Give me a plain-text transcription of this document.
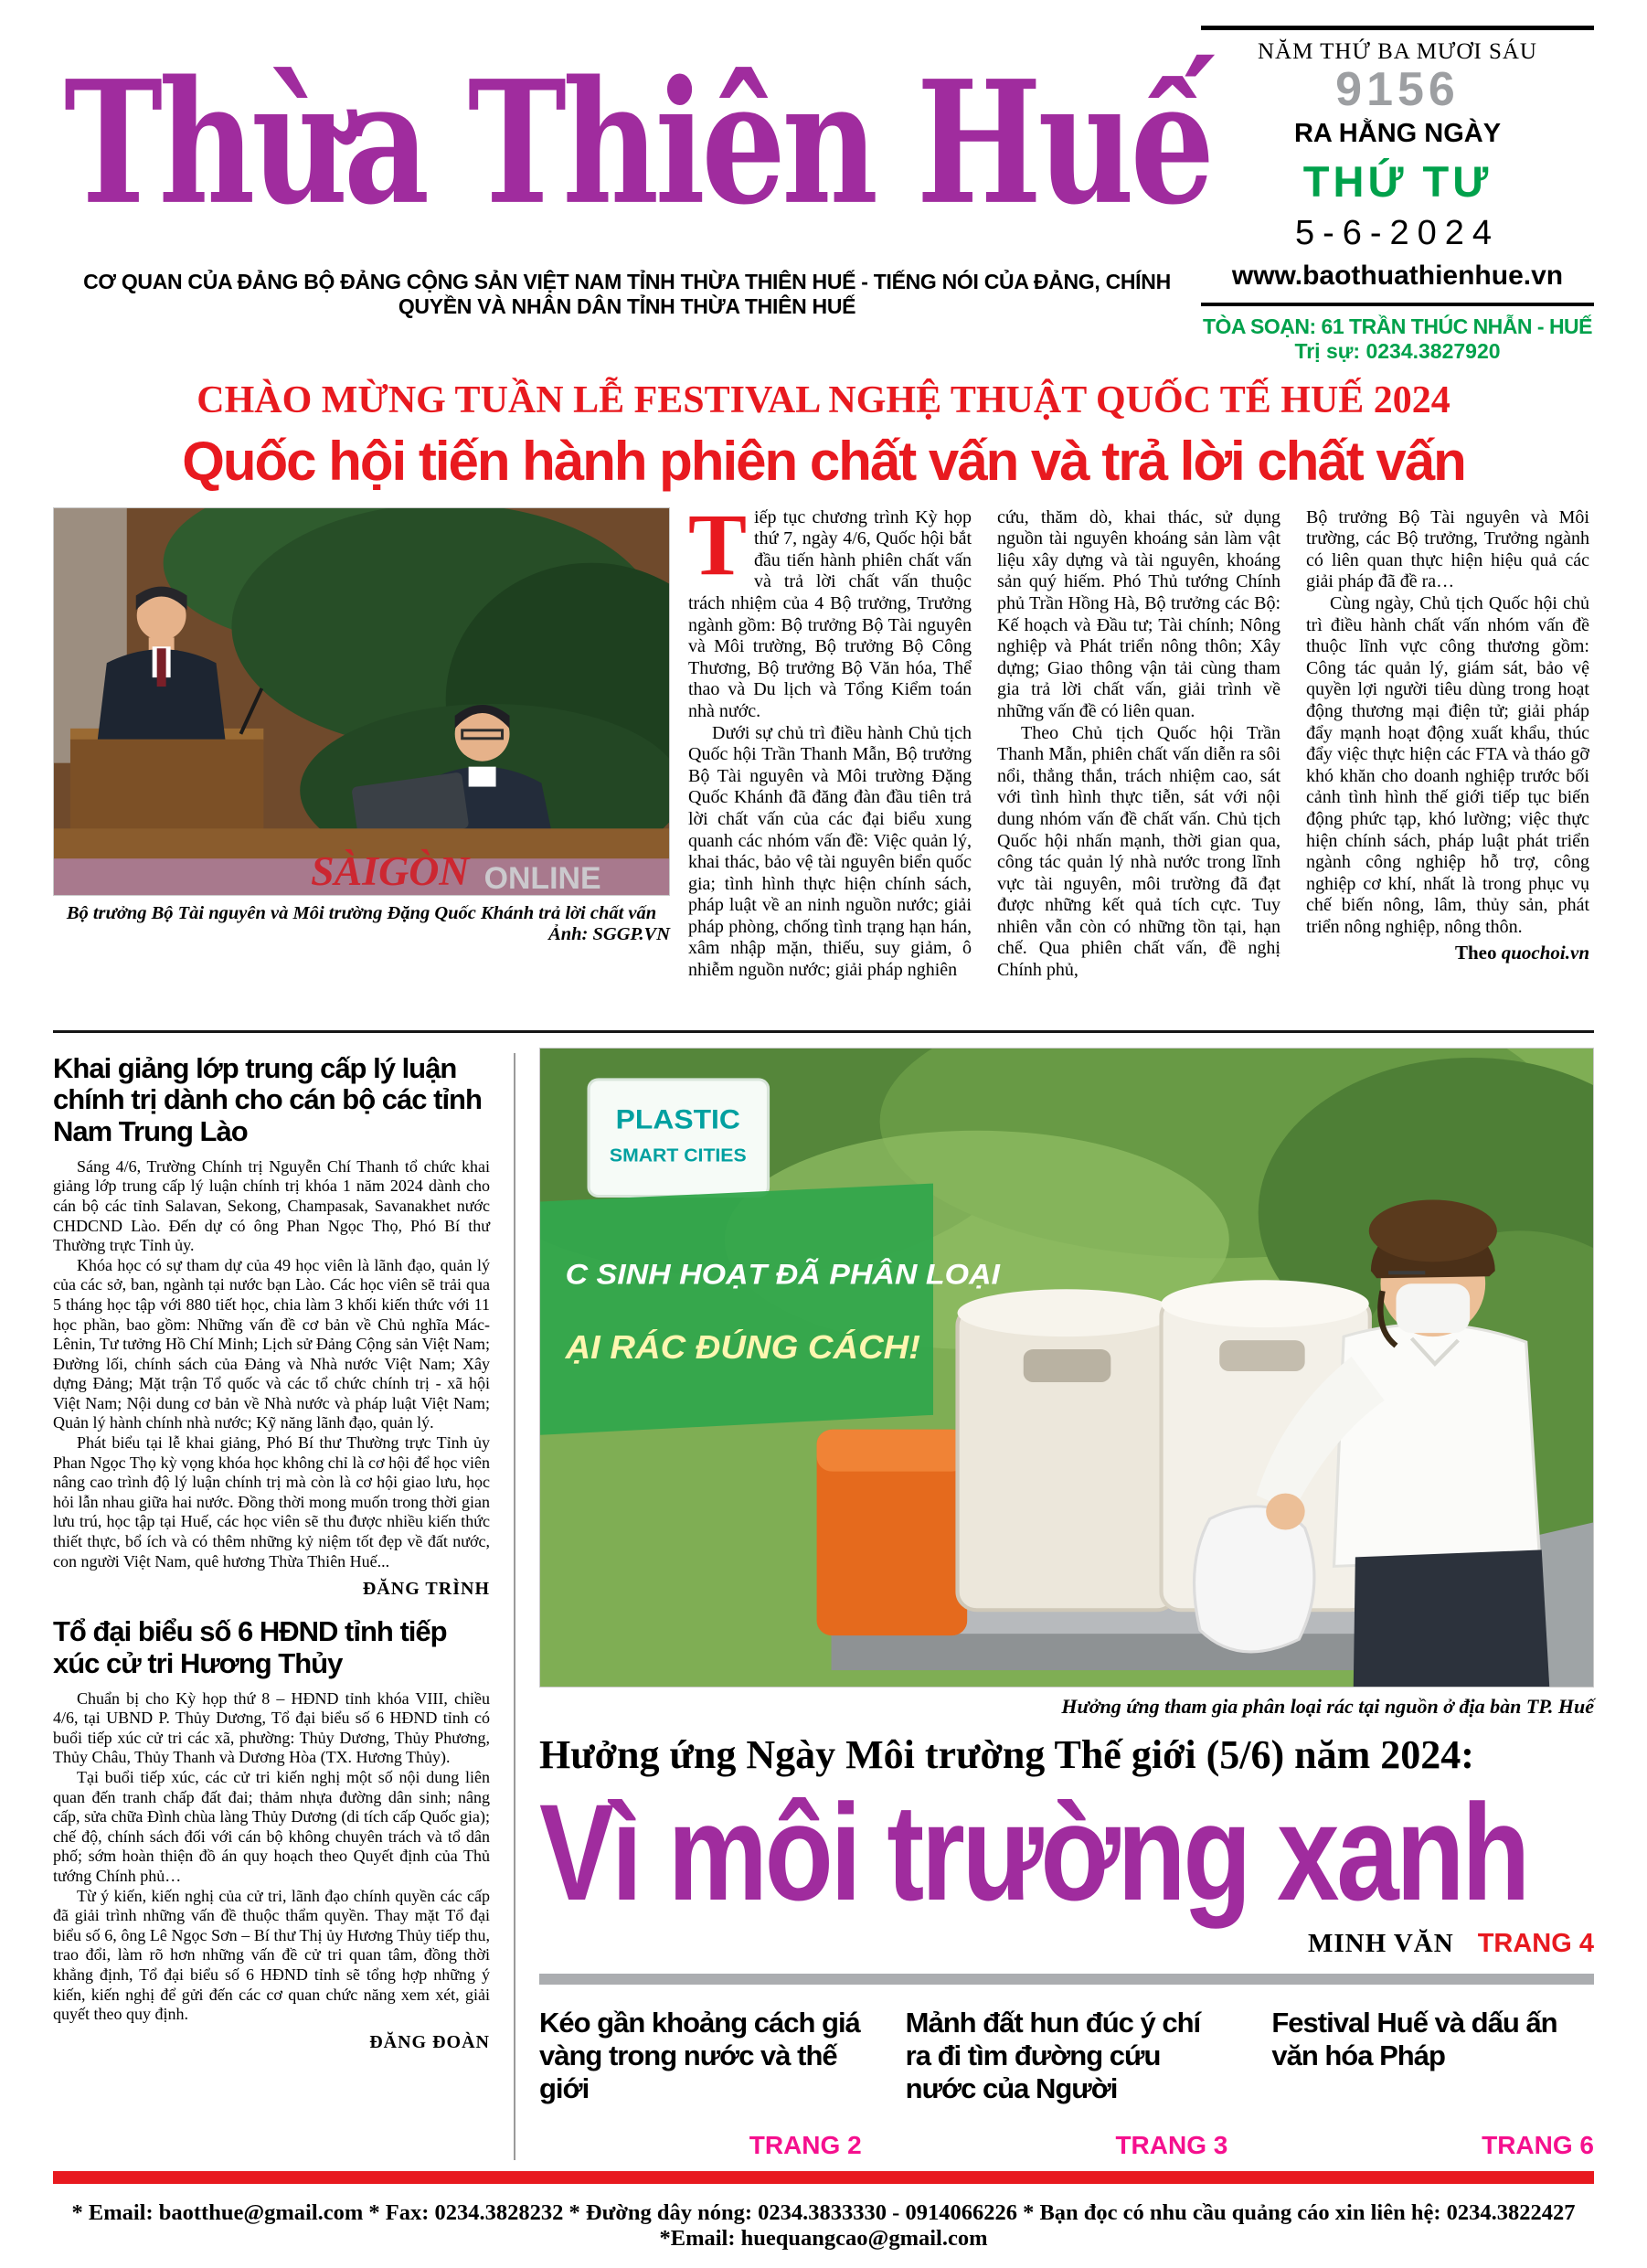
Thừa Thiên Huế
CƠ QUAN CỦA ĐẢNG BỘ ĐẢNG CỘNG SẢN VIỆT NAM TỈNH THỪA THIÊN HUẾ - TIẾNG NÓI CỦA ĐẢNG, CHÍNH QUYỀN VÀ NHÂN DÂN TỈNH THỪA THIÊN HUẾ
NĂM THỨ BA MƯƠI SÁU
9156
RA HẰNG NGÀY
THỨ TƯ
5-6-2024
www.baothuathienhue.vn
TÒA SOẠN: 61 TRẦN THÚC NHẪN - HUẾ
Trị sự: 0234.3827920
CHÀO MỪNG TUẦN LỄ FESTIVAL NGHỆ THUẬT QUỐC TẾ HUẾ 2024
Quốc hội tiến hành phiên chất vấn và trả lời chất vấn
SÀIGÒN ONLINE
Bộ trưởng Bộ Tài nguyên và Môi trường Đặng Quốc Khánh trả lời chất vấn
Ảnh: SGGP.VN

Tiếp tục chương trình Kỳ họp thứ 7, ngày 4/6, Quốc hội bắt đầu tiến hành phiên chất vấn và trả lời chất vấn thuộc trách nhiệm của 4 Bộ trưởng, Trưởng ngành gồm: Bộ trưởng Bộ Tài nguyên và Môi trường, Bộ trưởng Bộ Công Thương, Bộ trưởng Bộ Văn hóa, Thể thao và Du lịch và Tổng Kiểm toán nhà nước.

Dưới sự chủ trì điều hành Chủ tịch Quốc hội Trần Thanh Mẫn, Bộ trưởng Bộ Tài nguyên và Môi trường Đặng Quốc Khánh đã đăng đàn đầu tiên trả lời chất vấn của các đại biểu xung quanh các nhóm vấn đề: Việc quản lý, khai thác, bảo vệ tài nguyên biển quốc gia; tình hình thực hiện chính sách, pháp luật về an ninh nguồn nước; giải pháp phòng, chống tình trạng hạn hán, xâm nhập mặn, thiếu, suy giảm, ô nhiễm nguồn nước; giải pháp nghiên

cứu, thăm dò, khai thác, sử dụng nguồn tài nguyên khoáng sản làm vật liệu xây dựng và tài nguyên, khoáng sản quý hiếm. Phó Thủ tướng Chính phủ Trần Hồng Hà, Bộ trưởng các Bộ: Kế hoạch và Đầu tư; Tài chính; Nông nghiệp và Phát triển nông thôn; Xây dựng; Giao thông vận tải cùng tham gia trả lời chất vấn, giải trình về những vấn đề có liên quan.

Theo Chủ tịch Quốc hội Trần Thanh Mẫn, phiên chất vấn diễn ra sôi nổi, thẳng thắn, trách nhiệm cao, sát với tình hình thực tiễn, sát với nội dung nhóm vấn đề chất vấn. Chủ tịch Quốc hội nhấn mạnh, thời gian qua, công tác quản lý nhà nước trong lĩnh vực tài nguyên, môi trường đã đạt được những kết quả tích cực. Tuy nhiên vẫn còn có những tồn tại, hạn chế. Qua phiên chất vấn, đề nghị Chính phủ,

Bộ trưởng Bộ Tài nguyên và Môi trường, các Bộ trưởng, Trưởng ngành có liên quan thực hiện hiệu quả các giải pháp đã đề ra…

Cùng ngày, Chủ tịch Quốc hội chủ trì điều hành chất vấn nhóm vấn đề thuộc lĩnh vực công thương gồm: Công tác quản lý, giám sát, bảo vệ quyền lợi người tiêu dùng trong hoạt động thương mại điện tử; giải pháp đẩy mạnh hoạt động xuất khẩu, thúc đẩy việc thực hiện các FTA và tháo gỡ khó khăn cho doanh nghiệp trước bối cảnh tình hình thế giới tiếp tục biến động phức tạp, khó lường; việc thực hiện chính sách, pháp luật phát triển ngành công nghiệp hỗ trợ, công nghiệp cơ khí, nhất là trong phục vụ chế biến nông, lâm, thủy sản, phát triển nông nghiệp, nông thôn.

Theo quochoi.vn
Khai giảng lớp trung cấp lý luận chính trị dành cho cán bộ các tỉnh Nam Trung Lào

Sáng 4/6, Trường Chính trị Nguyễn Chí Thanh tổ chức khai giảng lớp trung cấp lý luận chính trị khóa 1 năm 2024 dành cho cán bộ các tỉnh Salavan, Sekong, Champasak, Savanakhet nước CHDCND Lào. Đến dự có ông Phan Ngọc Thọ, Phó Bí thư Thường trực Tỉnh ủy.

Khóa học có sự tham dự của 49 học viên là lãnh đạo, quản lý của các sở, ban, ngành tại nước bạn Lào. Các học viên sẽ trải qua 5 tháng học tập với 880 tiết học, chia làm 3 khối kiến thức với 11 học phần, bao gồm: Những vấn đề cơ bản về Chủ nghĩa Mác-Lênin, Tư tưởng Hồ Chí Minh; Lịch sử Đảng Cộng sản Việt Nam; Đường lối, chính sách của Đảng và Nhà nước Việt Nam; Xây dựng Đảng; Mặt trận Tổ quốc và các tổ chức chính trị - xã hội Việt Nam; Nội dung cơ bản về Nhà nước và pháp luật Việt Nam; Quản lý hành chính nhà nước; Kỹ năng lãnh đạo, quản lý.

Phát biểu tại lễ khai giảng, Phó Bí thư Thường trực Tỉnh ủy Phan Ngọc Thọ kỳ vọng khóa học không chỉ là cơ hội để học viên nâng cao trình độ lý luận chính trị mà còn là cơ hội giao lưu, học hỏi lẫn nhau giữa hai nước. Đồng thời mong muốn trong thời gian lưu trú, học tập tại Huế, các học viên sẽ thu được nhiều kiến thức thiết thực, bổ ích và có thêm những kỷ niệm tốt đẹp về đất nước, con người Việt Nam, quê hương Thừa Thiên Huế...

ĐĂNG TRÌNH
Tổ đại biểu số 6 HĐND tỉnh tiếp xúc cử tri Hương Thủy

Chuẩn bị cho Kỳ họp thứ 8 – HĐND tỉnh khóa VIII, chiều 4/6, tại UBND P. Thủy Dương, Tổ đại biểu số 6 HĐND tỉnh có buổi tiếp xúc cử tri các xã, phường: Thủy Dương, Thủy Phương, Thủy Châu, Thủy Thanh và Dương Hòa (TX. Hương Thủy).

Tại buổi tiếp xúc, các cử tri kiến nghị một số nội dung liên quan đến tranh chấp đất đai; thảm nhựa đường dân sinh; nâng cấp, sửa chữa Đình chùa làng Thủy Dương (di tích cấp Quốc gia); chế độ, chính sách đối với cán bộ không chuyên trách và tổ dân phố; sớm hoàn thiện đồ án quy hoạch theo Quyết định của Thủ tướng Chính phủ…

Từ ý kiến, kiến nghị của cử tri, lãnh đạo chính quyền các cấp đã giải trình những vấn đề thuộc thẩm quyền. Thay mặt Tổ đại biểu số 6, ông Lê Ngọc Sơn – Bí thư Thị ủy Hương Thủy tiếp thu, trao đổi, làm rõ hơn những vấn đề cử tri quan tâm, đồng thời khẳng định, Tổ đại biểu số 6 HĐND tỉnh sẽ tổng hợp những ý kiến, kiến nghị để gửi đến các cơ quan chức năng xem xét, giải quyết theo quy định.

ĐĂNG ĐOÀN
PLASTIC
SMART CITIES
C SINH HOẠT ĐÃ PHÂN LOẠI
ẠI RÁC ĐÚNG CÁCH!
Hưởng ứng tham gia phân loại rác tại nguồn ở địa bàn TP. Huế
Hưởng ứng Ngày Môi trường Thế giới (5/6) năm 2024:
Vì môi trường xanh
MINH VĂN TRANG 4
Kéo gần khoảng cách giá vàng trong nước và thế giới
TRANG 2
Mảnh đất hun đúc ý chí ra đi tìm đường cứu nước của Người
TRANG 3
Festival Huế và dấu ấn văn hóa Pháp
TRANG 6
* Email: baotthue@gmail.com * Fax: 0234.3828232 * Đường dây nóng: 0234.3833330 - 0914066226 * Bạn đọc có nhu cầu quảng cáo xin liên hệ: 0234.3822427 *Email: huequangcao@gmail.com
